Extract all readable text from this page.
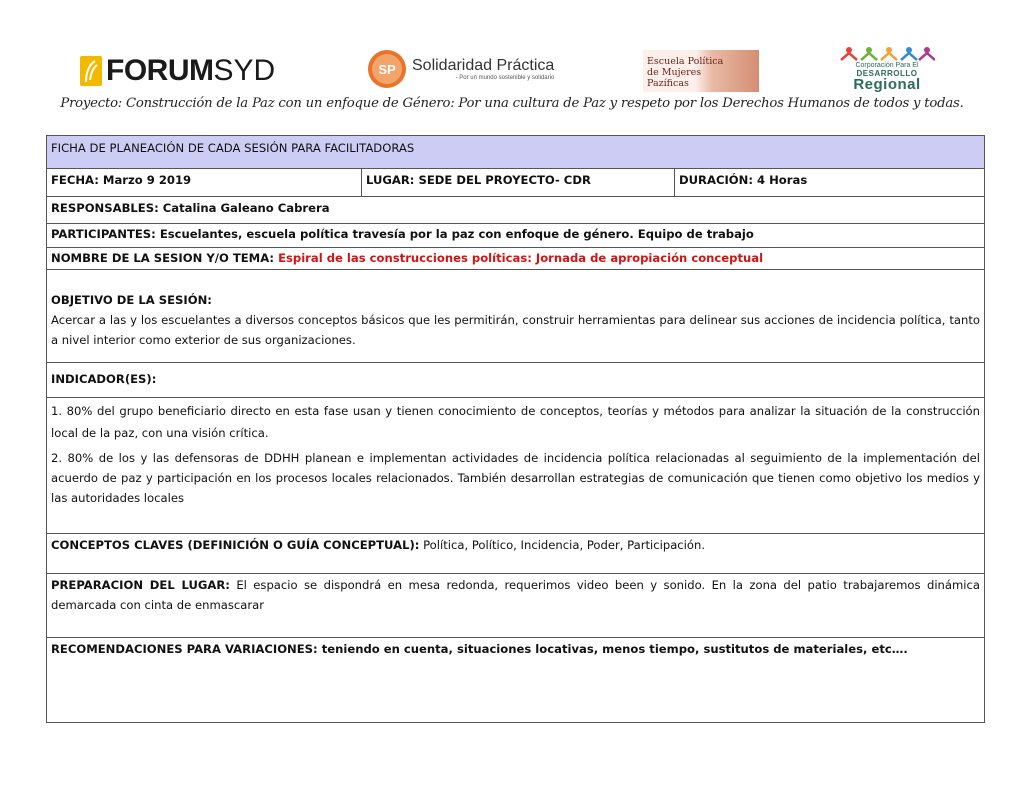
FORUM SYD	SP Solidaridad Práctica
- Por un mundo sostenible y solidario
Escuela Política
de Mujeres
Pazíficas
Corporación Para El
DESARROLLO
Regional
Proyecto: Construcción de la Paz con un enfoque de Género: Por una cultura de Paz y respeto por los Derechos Humanos de todos y todas.
FICHA DE PLANEACIÓN DE CADA SESIÓN PARA FACILITADORAS
FECHA: Marzo 9 2019	LUGAR: SEDE DEL PROYECTO- CDR	DURACIÓN: 4 Horas
RESPONSABLES: Catalina Galeano Cabrera
PARTICIPANTES: Escuelantes, escuela política travesía por la paz con enfoque de género. Equipo de trabajo
NOMBRE DE LA SESION Y/O TEMA: Espiral de las construcciones políticas: Jornada de apropiación conceptual
OBJETIVO DE LA SESIÓN:
Acercar a las y los escuelantes a diversos conceptos básicos que les permitirán, construir herramientas para delinear sus acciones de incidencia política, tanto a nivel interior como exterior de sus organizaciones.
INDICADOR(ES):

1. 80% del grupo beneficiario directo en esta fase usan y tienen conocimiento de conceptos, teorías y métodos para analizar la situación de la construcción local de la paz, con una visión crítica.

2. 80% de los y las defensoras de DDHH planean e implementan actividades de incidencia política relacionadas al seguimiento de la implementación del acuerdo de paz y participación en los procesos locales relacionados. También desarrollan estrategias de comunicación que tienen como objetivo los medios y las autoridades locales

CONCEPTOS CLAVES (DEFINICIÓN O GUÍA CONCEPTUAL): Política, Político, Incidencia, Poder, Participación.
PREPARACION DEL LUGAR: El espacio se dispondrá en mesa redonda, requerimos video been y sonido. En la zona del patio trabajaremos dinámica demarcada con cinta de enmascarar
RECOMENDACIONES PARA VARIACIONES: teniendo en cuenta, situaciones locativas, menos tiempo, sustitutos de materiales, etc….
